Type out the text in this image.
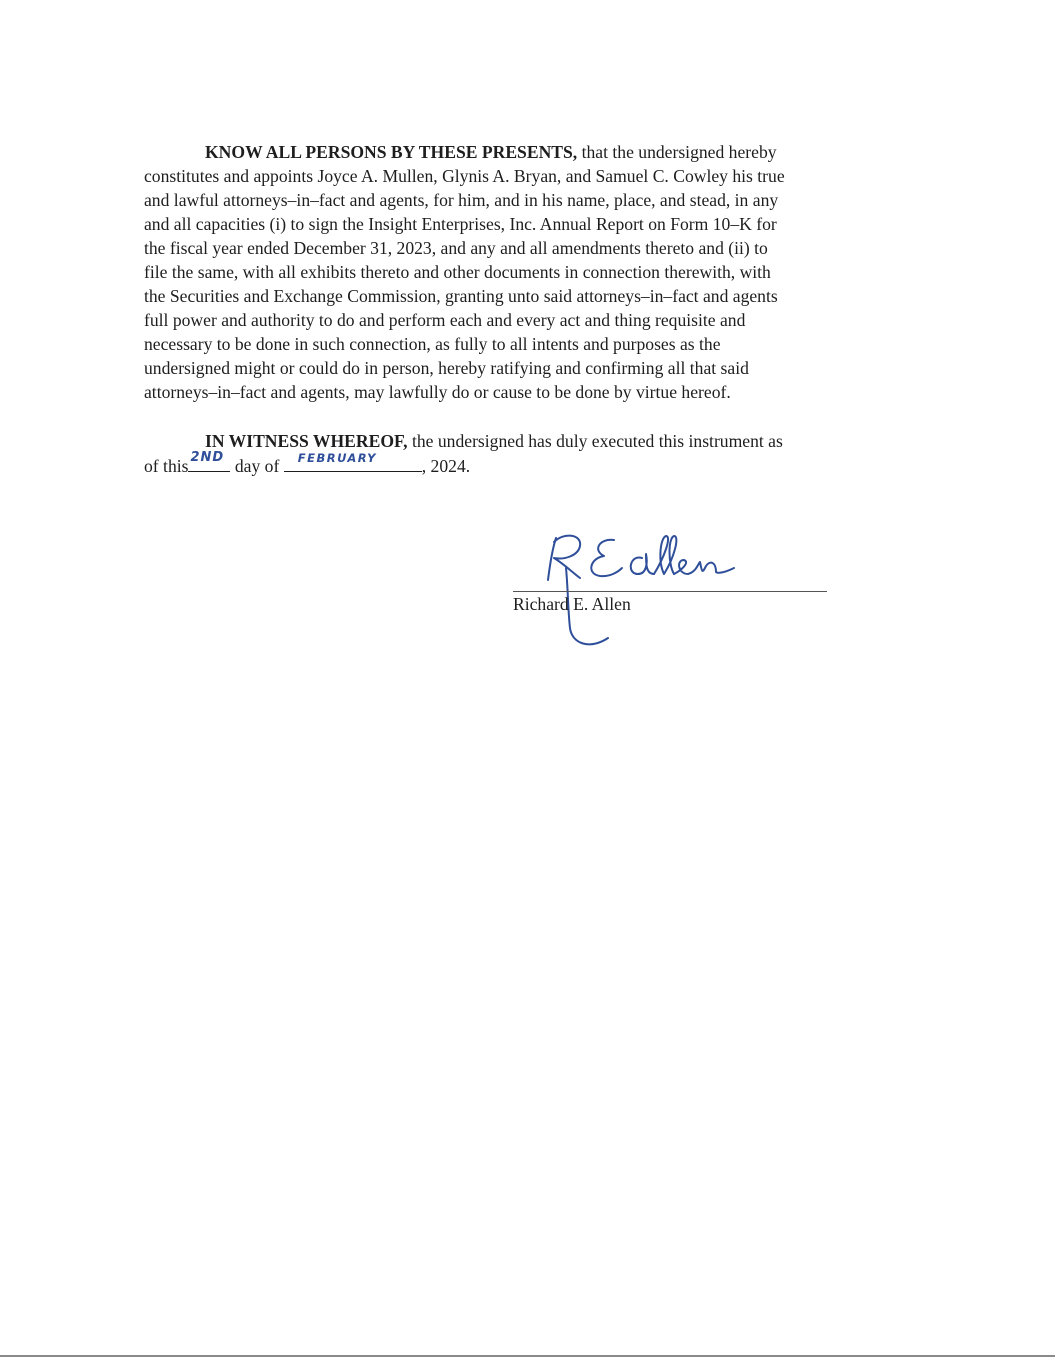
KNOW ALL PERSONS BY THESE PRESENTS, that the undersigned hereby
constitutes and appoints Joyce A. Mullen, Glynis A. Bryan, and Samuel C. Cowley his true
and lawful attorneys–in–fact and agents, for him, and in his name, place, and stead, in any
and all capacities (i) to sign the Insight Enterprises, Inc. Annual Report on Form 10–K for
the fiscal year ended December 31, 2023, and any and all amendments thereto and (ii) to
file the same, with all exhibits thereto and other documents in connection therewith, with
the Securities and Exchange Commission, granting unto said attorneys–in–fact and agents
full power and authority to do and perform each and every act and thing requisite and
necessary to be done in such connection, as fully to all intents and purposes as the
undersigned might or could do in person, hereby ratifying and confirming all that said
attorneys–in–fact and agents, may lawfully do or cause to be done by virtue hereof.

IN WITNESS WHEREOF, the undersigned has duly executed this instrument as
of this 2ND day of FEBRUARY	, 2024.

Richard E. Allen
